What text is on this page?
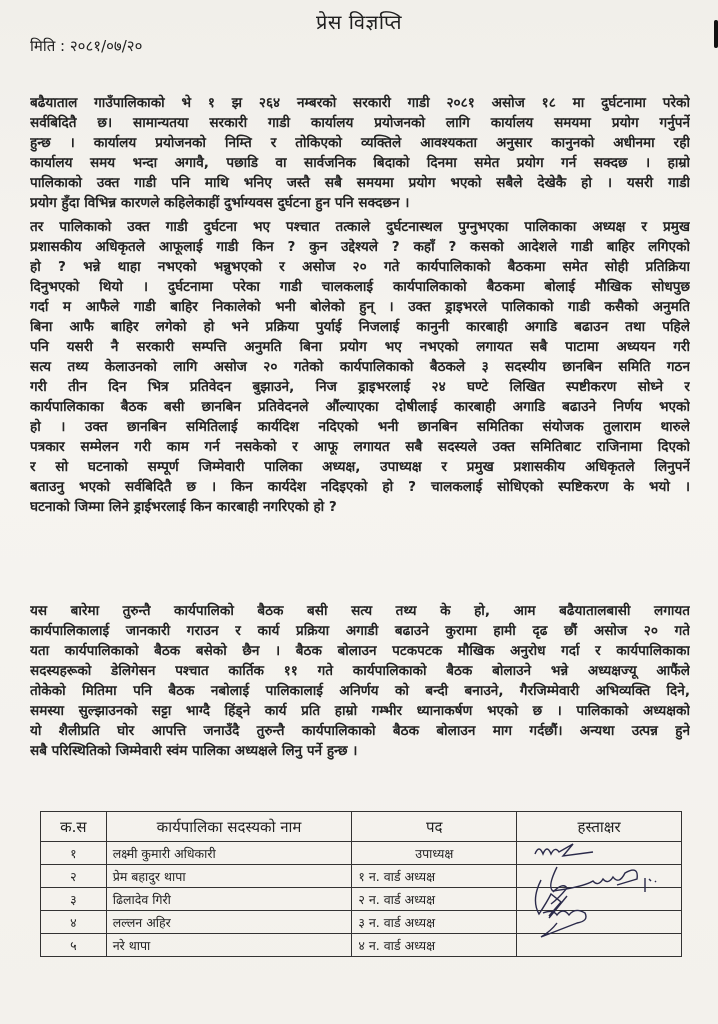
प्रेस विज्ञप्ति
मिति : २०८१/०७/२०
बढैयाताल गाउँपालिकाको भे १ झ २६४ नम्बरको सरकारी गाडी २०८१ असोज १८ मा दुर्घटनामा परेको
सर्वबिदितै छ। सामान्यतया सरकारी गाडी कार्यालय प्रयोजनको लागि कार्यालय समयमा प्रयोग गर्नुपर्ने
हुन्छ । कार्यालय प्रयोजनको निम्ति र तोकिएको व्यक्तिले आवश्यकता अनुसार कानुनको अधीनमा रही
कार्यालय समय भन्दा अगावै, पछाडि वा सार्वजनिक बिदाको दिनमा समेत प्रयोग गर्न सक्दछ । हाम्रो
पालिकाको उक्त गाडी पनि माथि भनिए जस्तै सबै समयमा प्रयोग भएको सबैले देखेकै हो । यसरी गाडी
प्रयोग हुँदा विभिन्न कारणले कहिलेकाहीं दुर्भाग्यवस दुर्घटना हुन पनि सक्दछन ।
तर पालिकाको उक्त गाडी दुर्घटना भए पश्चात तत्काले दुर्घटनास्थल पुग्नुभएका पालिकाका अध्यक्ष र प्रमुख
प्रशासकीय अधिकृतले आफूलाई गाडी किन ? कुन उद्देश्यले ? कहाँ ? कसको आदेशले गाडी बाहिर लगिएको
हो ? भन्ने थाहा नभएको भन्नुभएको र असोज २० गते कार्यपालिकाको बैठकमा समेत सोही प्रतिक्रिया
दिनुभएको थियो । दुर्घटनामा परेका गाडी चालकलाई कार्यपालिकाको बैठकमा बोलाई मौखिक सोधपुछ
गर्दा म आफैले गाडी बाहिर निकालेको भनी बोलेकाे हुन् । उक्त ड्राइभरले पालिकाको गाडी कसैको अनुमति
बिना आफै बाहिर लगेको हो भने प्रक्रिया पुर्याई निजलाई कानुनी कारबाही अगाडि बढाउन तथा पहिले
पनि यसरी नै सरकारी सम्पत्ति अनुमति बिना प्रयोग भए नभएको लगायत सबै पाटामा अध्ययन गरी
सत्य तथ्य केलाउनको लागि असोज २० गतेको कार्यपालिकाको बैठकले ३ सदस्यीय छानबिन समिति गठन
गरी तीन दिन भित्र प्रतिवेदन बुझाउने, निज ड्राइभरलाई २४ घण्टे लिखित स्पष्टीकरण सोध्ने र
कार्यपालिकाका बैठक बसी छानबिन प्रतिवेदनले औंल्याएका दोषीलाई कारबाही अगाडि बढाउने निर्णय भएको
हो । उक्त छानबिन समितिलाई कार्यदिश नदिएको भनी छानबिन समितिका संयोजक तुलाराम थारुले
पत्रकार सम्मेलन गरी काम गर्न नसकेको र आफू लगायत सबै सदस्यले उक्त समितिबाट राजिनामा दिएको
र सो घटनाको सम्पूर्ण जिम्मेवारी पालिका अध्यक्ष, उपाध्यक्ष र प्रमुख प्रशासकीय अधिकृतले लिनुपर्ने
बताउनु भएको सर्वबिदितै छ । किन कार्यदेश नदिइएको हो ? चालकलाई सोधिएको स्पष्टिकरण के भयो ।
घटनाको जिम्मा लिने ड्राईभरलाई किन कारबाही नगरिएको हो ?
यस बारेमा तुरुन्तै कार्यपालिको बैठक बसी सत्य तथ्य के हो, आम बढैयातालबासी लगायत
कार्यपालिकालाई जानकारी गराउन र कार्य प्रक्रिया अगाडी बढाउने कुरामा हामी दृढ छौं असोज २० गते
यता कार्यपालिकाको बैठक बसेको छैन । बैठक बोलाउन पटकपटक मौखिक अनुरोध गर्दा र कार्यपालिकाका
सदस्यहरूको डेलिगेसन पश्चात कार्तिक ११ गते कार्यपालिकाको बैठक बोलाउने भन्ने अध्यक्षज्यू आफैंले
तोकेको मितिमा पनि बैठक नबोलाई पालिकालाई अनिर्णय को बन्दी बनाउने, गैरजिम्मेवारी अभिव्यक्ति दिने,
समस्या सुल्झाउनको सट्टा भाग्दै हिंड्ने कार्य प्रति हाम्रो गम्भीर ध्यानाकर्षण भएको छ । पालिकाको अध्यक्षको
यो शैलीप्रति घोर आपत्ति जनाउँदै तुरुन्तै कार्यपालिकाको बैठक बोलाउन माग गर्दछौं। अन्यथा उत्पन्न हुने
सबै परिस्थितिको जिम्मेवारी स्वंम पालिका अध्यक्षले लिनु पर्ने हुन्छ ।
क.स	कार्यपालिका सदस्यको नाम	पद	हस्ताक्षर
१	लक्ष्मी कुमारी अधिकारी	उपाध्यक्ष	

२	प्रेम बहादुर थापा	१ न. वार्ड अध्यक्ष	

३	ढिलादेव गिरी	२ न. वार्ड अध्यक्ष	

४	लल्लन अहिर	३ न. वार्ड अध्यक्ष	

५	नरे थापा	४ न. वार्ड अध्यक्ष	
